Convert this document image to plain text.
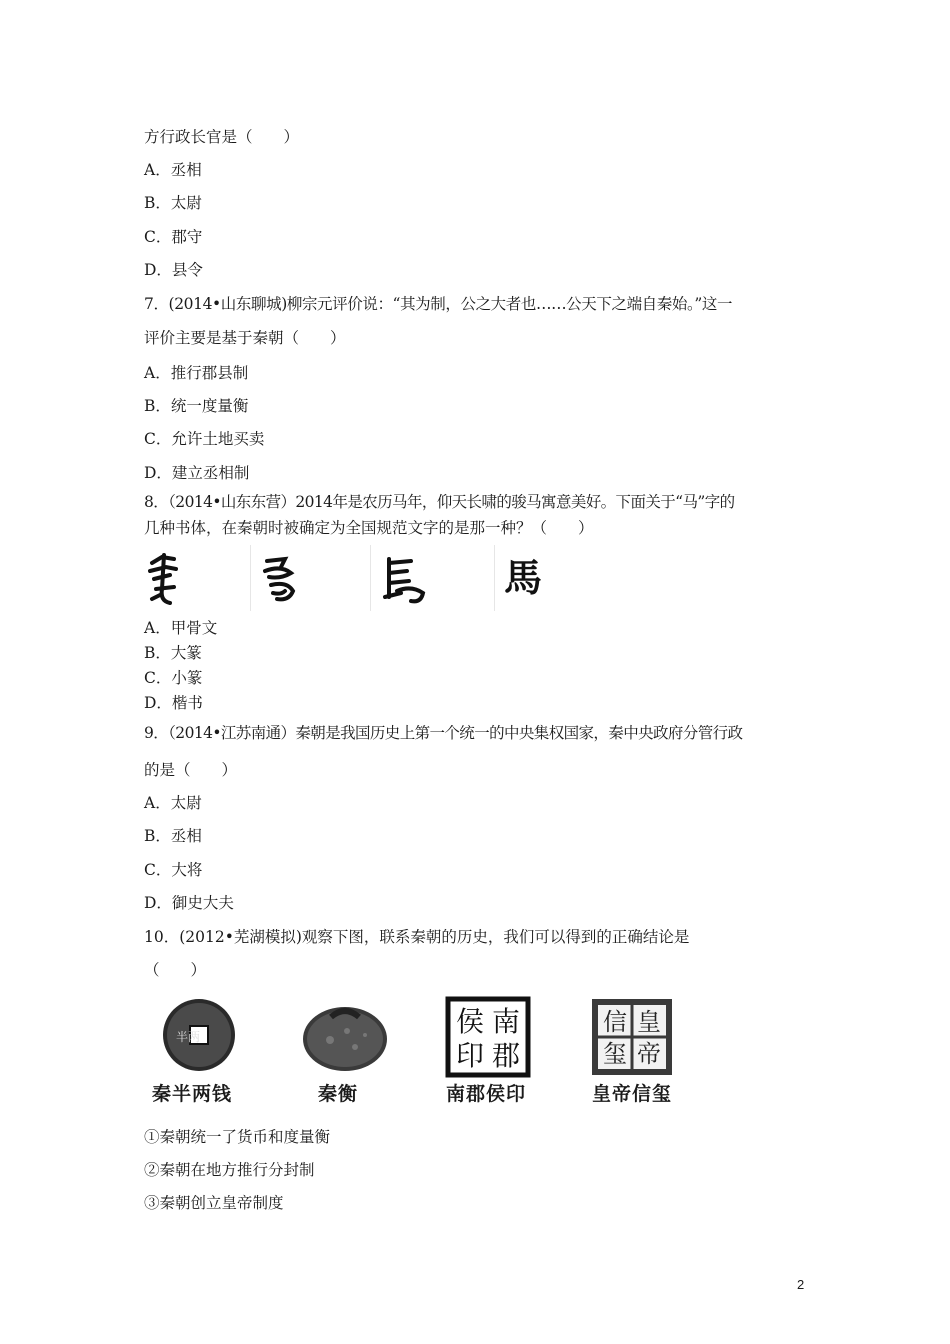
方行政长官是（　　）
A．丞相
B．太尉
C．郡守
D．县令
7．(2014•山东聊城)柳宗元评价说：“其为制，公之大者也……公天下之端自秦始。”这一
评价主要是基于秦朝（　　）
A．推行郡县制
B．统一度量衡
C．允许土地买卖
D．建立丞相制
8．（2014•山东东营）2014年是农历马年，仰天长啸的骏马寓意美好。下面关于“马”字的
几种书体，在秦朝时被确定为全国规范文字的是那一种？（　　）
馬
A．甲骨文
B．大篆
C．小篆
D．楷书
9．（2014•江苏南通）秦朝是我国历史上第一个统一的中央集权国家，秦中央政府分管行政
的是（　　）
A．太尉
B．丞相
C．大将
D．御史大夫
10．(2012•芜湖模拟)观察下图，联系秦朝的历史，我们可以得到的正确结论是
（　　）
半两	侯 南
印 郡
信 皇
玺 帝
秦半两钱	秦衡	南郡侯印	皇帝信玺
①秦朝统一了货币和度量衡
②秦朝在地方推行分封制
③秦朝创立皇帝制度
2
